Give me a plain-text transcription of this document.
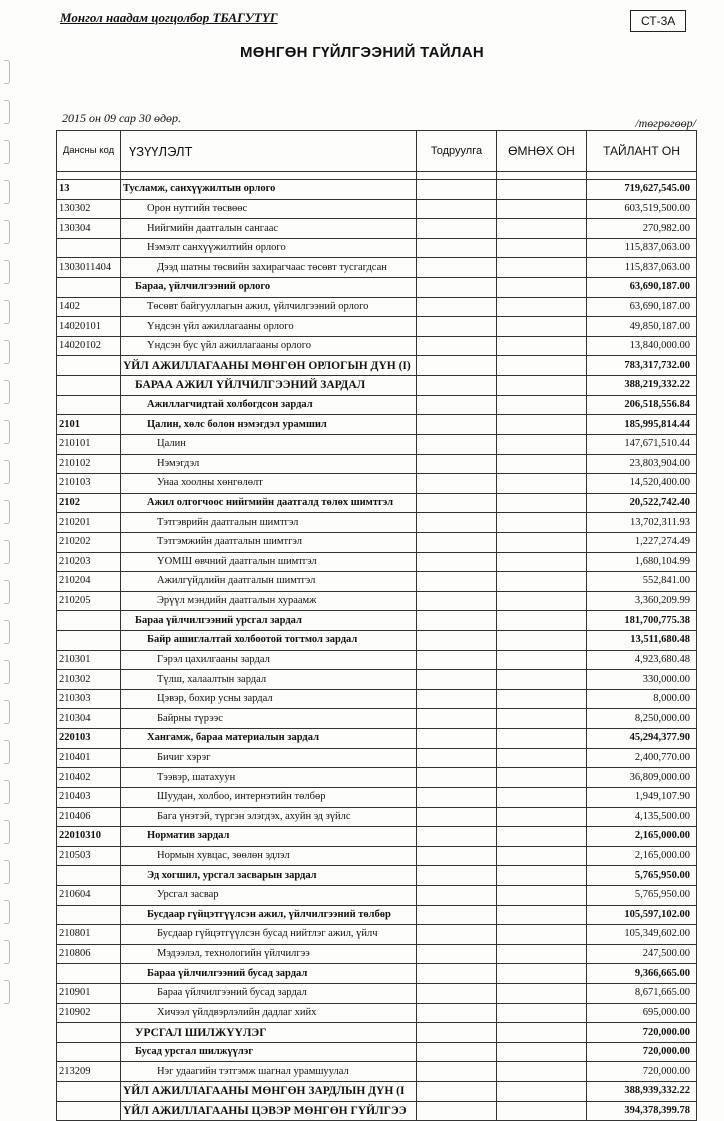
Монгол наадам цогцолбор ТБАГУТҮГ	СТ-3А
МӨНГӨН ГҮЙЛГЭЭНИЙ ТАЙЛАН
2015 он 09 сар 30 өдөр.	/төгрөгөөр/
Дансны код	ҮЗҮҮЛЭЛТ	Тодруулга	ӨМНӨХ ОН	ТАЙЛАНТ ОН

13	Тусламж, санхүүжилтын орлого			719,627,545.00
130302	Орон нутгийн төсвөөс			603,519,500.00
130304	Нийгмийн даатгалын сангаас			270,982.00
	Нэмэлт санхүүжилтийн орлого			115,837,063.00
1303011404	Дээд шатны төсвийн захирагчаас төсөвт тусгагдсан			115,837,063.00
	Бараа, үйлчилгээний орлого			63,690,187.00
1402	Төсөвт байгууллагын ажил, үйлчилгээний орлого			63,690,187.00
14020101	Үндсэн үйл ажиллагааны орлого			49,850,187.00
14020102	Үндсэн бус үйл ажиллагааны орлого			13,840,000.00
	ҮЙЛ АЖИЛЛАГААНЫ МӨНГӨН ОРЛОГЫН ДҮН (I)			783,317,732.00
	БАРАА АЖИЛ ҮЙЛЧИЛГЭЭНИЙ ЗАРДАЛ			388,219,332.22
	Ажиллагчидтай холбогдсон зардал			206,518,556.84
2101	Цалин, хөлс болон нэмэгдэл урамшил			185,995,814.44
210101	Цалин			147,671,510.44
210102	Нэмэгдэл			23,803,904.00
210103	Унаа хоолны хөнгөлөлт			14,520,400.00
2102	Ажил олгогчоос нийгмийн даатгалд төлөх шимтгэл			20,522,742.40
210201	Тэтгэврийн даатгалын шимтгэл			13,702,311.93
210202	Тэтгэмжийн даатгалын шимтгэл			1,227,274.49
210203	ҮОМШ өвчний даатгалын шимтгэл			1,680,104.99
210204	Ажилгүйдлийн даатгалын шимтгэл			552,841.00
210205	Эрүүл мэндийн даатгалын хураамж			3,360,209.99
	Бараа үйлчилгээний урсгал зардал			181,700,775.38
	Байр ашиглалтай холбоотой тогтмол зардал			13,511,680.48
210301	Гэрэл цахилгааны зардал			4,923,680.48
210302	Түлш, халаалтын зардал			330,000.00
210303	Цэвэр, бохир усны зардал			8,000.00
210304	Байрны түрээс			8,250,000.00
220103	Хангамж, бараа материалын зардал			45,294,377.90
210401	Бичиг хэрэг			2,400,770.00
210402	Тээвэр, шатахуун			36,809,000.00
210403	Шуудан, холбоо, интернэтийн төлбөр			1,949,107.90
210406	Бага үнэтэй, түргэн элэгдэх, ахуйн эд зүйлс			4,135,500.00
22010310	Норматив зардал			2,165,000.00
210503	Нормын хувцас, зөөлөн эдлэл			2,165,000.00
	Эд хогшил, урсгал засварын зардал			5,765,950.00
210604	Урсгал засвар			5,765,950.00
	Бусдаар гүйцэтгүүлсэн ажил, үйлчилгээний төлбөр			105,597,102.00
210801	Бусдаар гүйцэтгүүлсэн бусад нийтлэг ажил, үйлч			105,349,602.00
210806	Мэдээлэл, технологийн үйлчилгээ			247,500.00
	Бараа үйлчилгээний бусад зардал			9,366,665.00
210901	Бараа үйлчилгээний бусад зардал			8,671,665.00
210902	Хичээл үйлдвэрлэлийн дадлаг хийх			695,000.00
	УРСГАЛ ШИЛЖҮҮЛЭГ			720,000.00
	Бусад урсгал шилжүүлэг			720,000.00
213209	Нэг удаагийн тэтгэмж шагнал урамшуулал			720,000.00
	ҮЙЛ АЖИЛЛАГААНЫ МӨНГӨН ЗАРДЛЫН ДҮН (I			388,939,332.22
	ҮЙЛ АЖИЛЛАГААНЫ ЦЭВЭР МӨНГӨН ГҮЙЛГЭЭ			394,378,399.78
